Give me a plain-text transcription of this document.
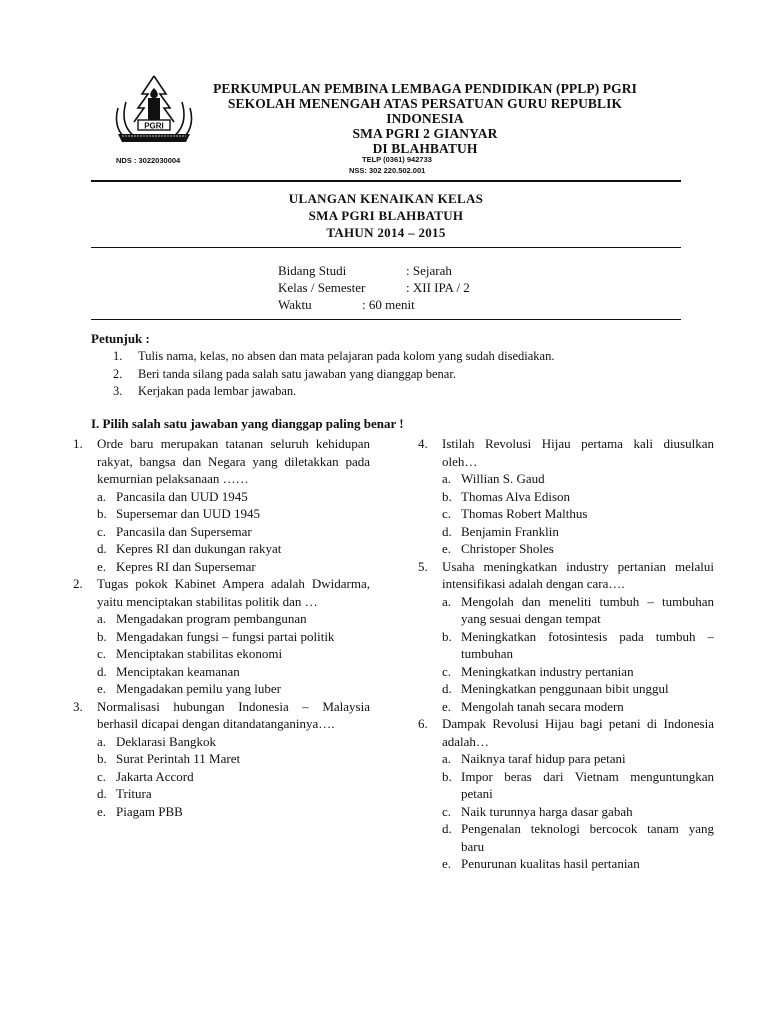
PGRI
PERKUMPULAN PEMBINA LEMBAGA PENDIDIKAN (PPLP) PGRI
SEKOLAH MENENGAH ATAS PERSATUAN GURU REPUBLIK
INDONESIA
SMA PGRI 2 GIANYAR
DI BLAHBATUH
NDS : 3022030004	TELP (0361) 942733
NSS: 302 220.502.001
ULANGAN KENAIKAN KELAS
SMA PGRI BLAHBATUH
TAHUN 2014 – 2015
Bidang Studi	: Sejarah
Kelas / Semester	: XII IPA / 2
Waktu	: 60 menit
Petunjuk :
1. Tulis nama, kelas, no absen dan mata pelajaran pada kolom yang sudah disediakan.
2. Beri tanda silang pada salah satu jawaban yang dianggap benar.
3. Kerjakan pada lembar jawaban.
I. Pilih salah satu jawaban yang dianggap paling benar !
1. Orde baru merupakan tatanan seluruh kehidupan rakyat, bangsa dan Negara yang diletakkan pada kemurnian pelaksanaan ……
a. Pancasila dan UUD 1945
b. Supersemar dan UUD 1945
c. Pancasila dan Supersemar
d. Kepres RI dan dukungan rakyat
e. Kepres RI dan Supersemar
2. Tugas pokok Kabinet Ampera adalah Dwidarma, yaitu menciptakan stabilitas politik dan …
a. Mengadakan program pembangunan
b. Mengadakan fungsi – fungsi partai politik
c. Menciptakan stabilitas ekonomi
d. Menciptakan keamanan
e. Mengadakan pemilu yang luber
3. Normalisasi hubungan Indonesia – Malaysia berhasil dicapai dengan ditandatanganinya….
a. Deklarasi Bangkok
b. Surat Perintah 11 Maret
c. Jakarta Accord
d. Tritura
e. Piagam PBB
4. Istilah Revolusi Hijau pertama kali diusulkan oleh…
a. Willian S. Gaud
b. Thomas Alva Edison
c. Thomas Robert Malthus
d. Benjamin Franklin
e. Christoper Sholes
5. Usaha meningkatkan industry pertanian melalui intensifikasi adalah dengan cara….
a. Mengolah dan meneliti tumbuh – tumbuhan yang sesuai dengan tempat
b. Meningkatkan fotosintesis pada tumbuh – tumbuhan
c. Meningkatkan industry pertanian
d. Meningkatkan penggunaan bibit unggul
e. Mengolah tanah secara modern
6. Dampak Revolusi Hijau bagi petani di Indonesia adalah…
a. Naiknya taraf hidup para petani
b. Impor beras dari Vietnam menguntungkan petani
c. Naik turunnya harga dasar gabah
d. Pengenalan teknologi bercocok tanam yang baru
e. Penurunan kualitas hasil pertanian
